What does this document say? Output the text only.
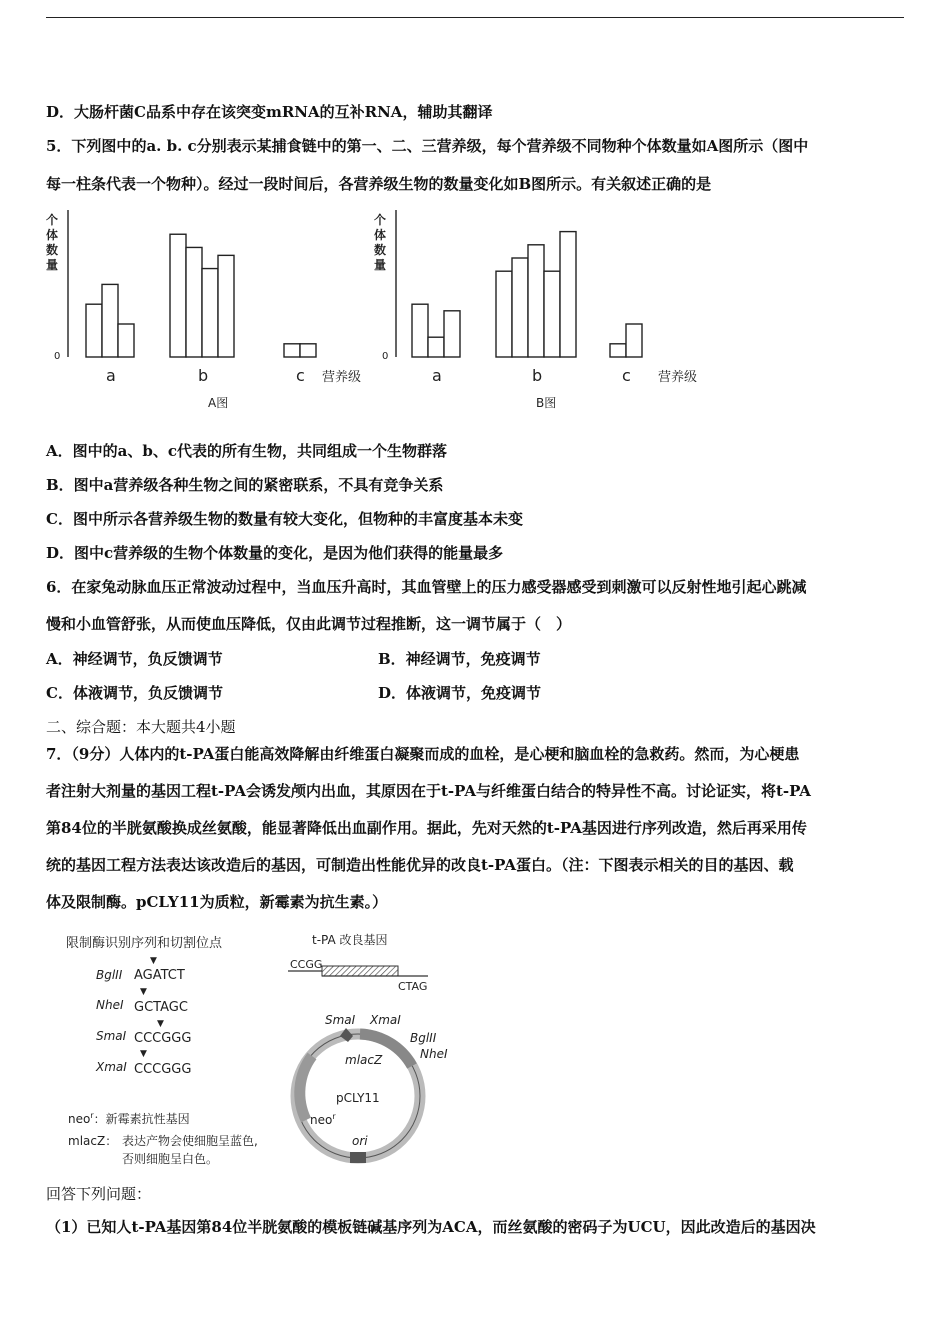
D．大肠杆菌C品系中存在该突变mRNA的互补RNA，辅助其翻译
5．下列图中的a. b. c分别表示某捕食链中的第一、二、三营养级，每个营养级不同物种个体数量如A图所示（图中
每一柱条代表一个物种）。经过一段时间后，各营养级生物的数量变化如B图所示。有关叙述正确的是
个
体
数
量
0
a	b	c 营养级
A图
个
体
数
量
0
a	b	c 营养级
B图
A．图中的a、b、c代表的所有生物，共同组成一个生物群落
B．图中a营养级各种生物之间的紧密联系，不具有竞争关系
C．图中所示各营养级生物的数量有较大变化，但物种的丰富度基本未变
D．图中c营养级的生物个体数量的变化，是因为他们获得的能量最多
6．在家兔动脉血压正常波动过程中，当血压升高时，其血管壁上的压力感受器感受到刺激可以反射性地引起心跳减
慢和小血管舒张，从而使血压降低，仅由此调节过程推断，这一调节属于（　）
A．神经调节，负反馈调节	B．神经调节，免疫调节
C．体液调节，负反馈调节	D．体液调节，免疫调节
二、综合题：本大题共4小题
7．（9分）人体内的t-PA蛋白能高效降解由纤维蛋白凝聚而成的血栓，是心梗和脑血栓的急救药。然而，为心梗患
者注射大剂量的基因工程t-PA会诱发颅内出血，其原因在于t-PA与纤维蛋白结合的特异性不高。讨论证实，将t-PA
第84位的半胱氨酸换成丝氨酸，能显著降低出血副作用。据此，先对天然的t-PA基因进行序列改造，然后再采用传
统的基因工程方法表达该改造后的基因，可制造出性能优异的改良t-PA蛋白。（注：下图表示相关的目的基因、载
体及限制酶。pCLY11为质粒，新霉素为抗生素。）
限制酶识别序列和切割位点
BglII
▼
AGATCT
NheI
▼
GCTAGC
SmaI
▼
CCCGGG
XmaI
▼
CCCGGG
neo$^r$：新霉素抗性基因
mlacZ： 表达产物会使细胞呈蓝色,
否则细胞呈白色。
t-PA 改良基因
CCGG
CTAG
SmaI XmaI
BglII
NheI
mlacZ
pCLY11
neo$^r$
ori
回答下列问题：
（1）已知人t-PA基因第84位半胱氨酸的模板链碱基序列为ACA，而丝氨酸的密码子为UCU，因此改造后的基因决
